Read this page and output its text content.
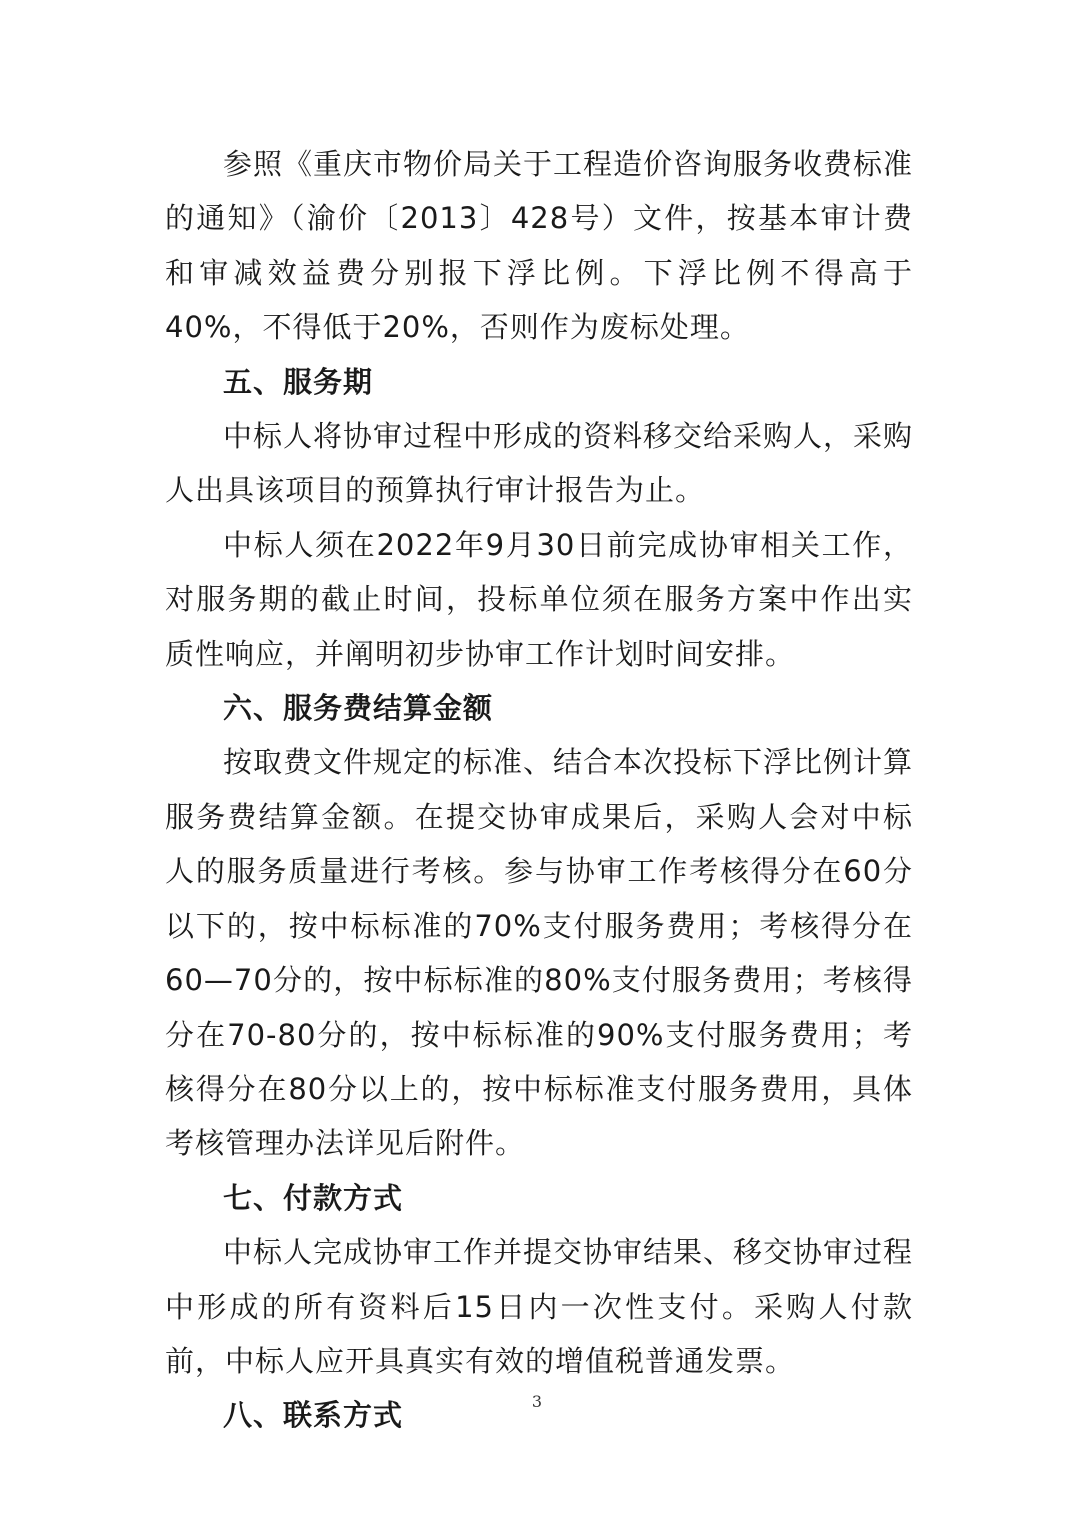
参照《重庆市物价局关于工程造价咨询服务收费标准的通知》（渝价〔2013〕428号）文件，按基本审计费和审减效益费分别报下浮比例。下浮比例不得高于40%，不得低于20%，否则作为废标处理。

五、服务期

中标人将协审过程中形成的资料移交给采购人，采购人出具该项目的预算执行审计报告为止。

中标人须在2022年9月30日前完成协审相关工作，对服务期的截止时间，投标单位须在服务方案中作出实质性响应，并阐明初步协审工作计划时间安排。

六、服务费结算金额

按取费文件规定的标准、结合本次投标下浮比例计算服务费结算金额。在提交协审成果后，采购人会对中标人的服务质量进行考核。参与协审工作考核得分在60分以下的，按中标标准的70%支付服务费用；考核得分在60—70分的，按中标标准的80%支付服务费用；考核得分在70-80分的，按中标标准的90%支付服务费用；考核得分在80分以上的，按中标标准支付服务费用，具体考核管理办法详见后附件。

七、付款方式

中标人完成协审工作并提交协审结果、移交协审过程中形成的所有资料后15日内一次性支付。采购人付款前，中标人应开具真实有效的增值税普通发票。

八、联系方式	3
